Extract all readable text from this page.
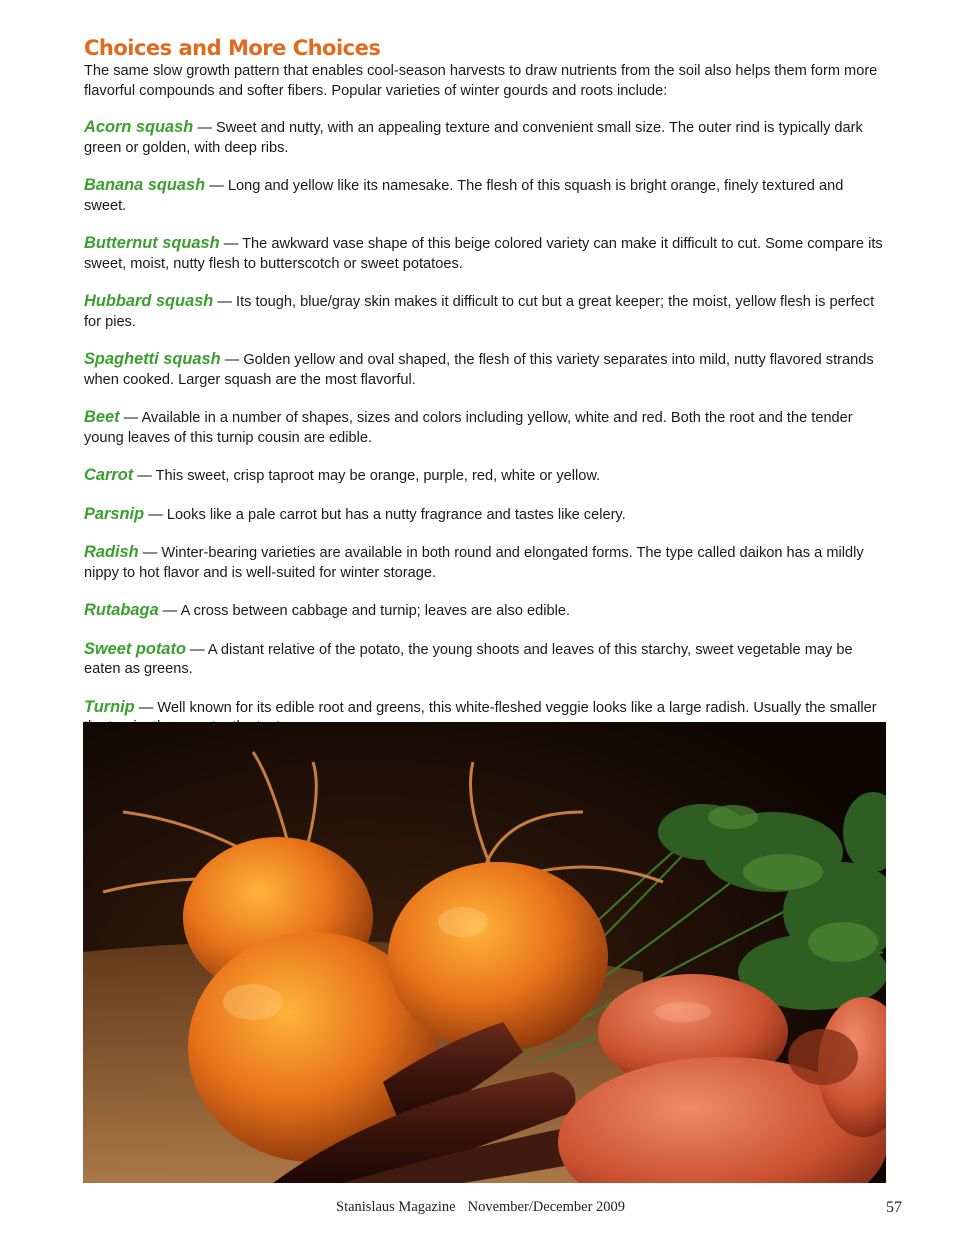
Choices and More Choices

The same slow growth pattern that enables cool-season harvests to draw nutrients from the soil also helps them form more flavorful compounds and softer fibers. Popular varieties of winter gourds and roots include:

Acorn squash — Sweet and nutty, with an appealing texture and convenient small size. The outer rind is typically dark green or golden, with deep ribs.

Banana squash — Long and yellow like its namesake. The flesh of this squash is bright orange, finely textured and sweet.

Butternut squash — The awkward vase shape of this beige colored variety can make it difficult to cut. Some compare its sweet, moist, nutty flesh to butterscotch or sweet potatoes.

Hubbard squash — Its tough, blue/gray skin makes it difficult to cut but a great keeper; the moist, yellow flesh is perfect for pies.

Spaghetti squash — Golden yellow and oval shaped, the flesh of this variety separates into mild, nutty flavored strands when cooked. Larger squash are the most flavorful.

Beet — Available in a number of shapes, sizes and colors including yellow, white and red. Both the root and the tender young leaves of this turnip cousin are edible.

Carrot — This sweet, crisp taproot may be orange, purple, red, white or yellow.

Parsnip — Looks like a pale carrot but has a nutty fragrance and tastes like celery.

Radish — Winter-bearing varieties are available in both round and elongated forms. The type called daikon has a mildly nippy to hot flavor and is well-suited for winter storage.

Rutabaga — A cross between cabbage and turnip; leaves are also edible.

Sweet potato — A distant relative of the potato, the young shoots and leaves of this starchy, sweet vegetable may be eaten as greens.

Turnip — Well known for its edible root and greens, this white-fleshed veggie looks like a large radish. Usually the smaller

Stanislaus Magazine November/December 2009	57
